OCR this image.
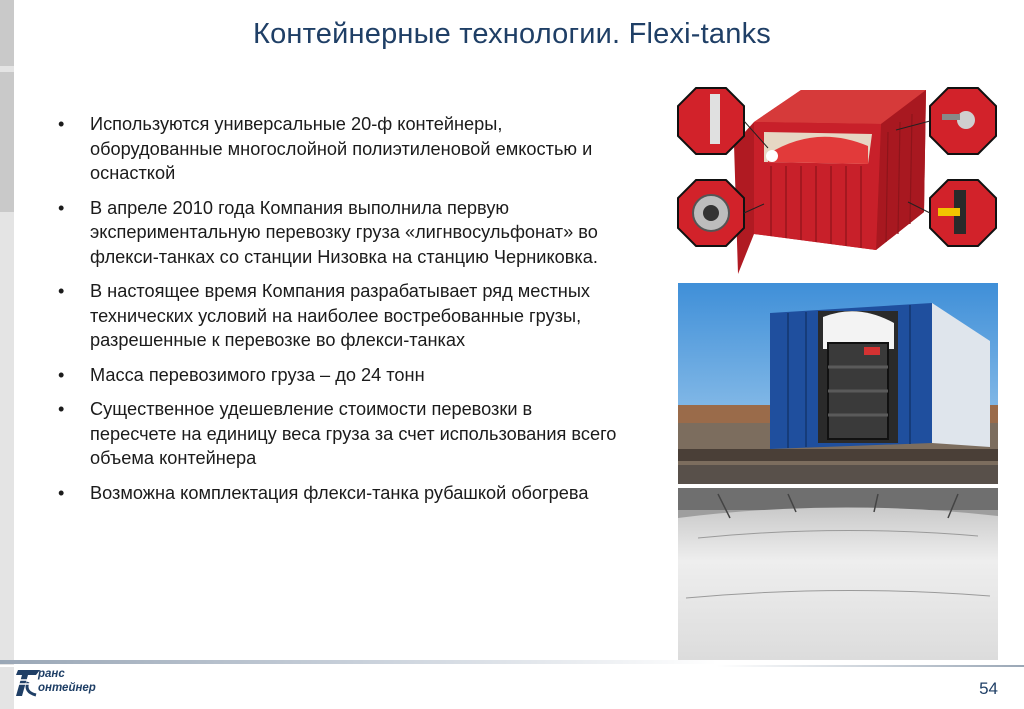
Контейнерные технологии. Flexi-tanks
• Используются универсальные 20-ф контейнеры, оборудованные многослойной полиэтиленовой емкостью и оснасткой
• В апреле 2010 года Компания выполнила первую экспериментальную перевозку груза «лигнвосульфонат» во флекси-танках со станции Низовка на станцию Черниковка.
• В настоящее время Компания разрабатывает ряд местных технических условий на наиболее востребованные грузы, разрешенные к перевозке во флекси-танках
• Масса перевозимого груза – до 24 тонн
• Существенное удешевление стоимости перевозки в пересчете на единицу веса груза за счет использования всего объема контейнера
• Возможна комплектация флекси-танка рубашкой обогрева
ранс
онтейнер	54
